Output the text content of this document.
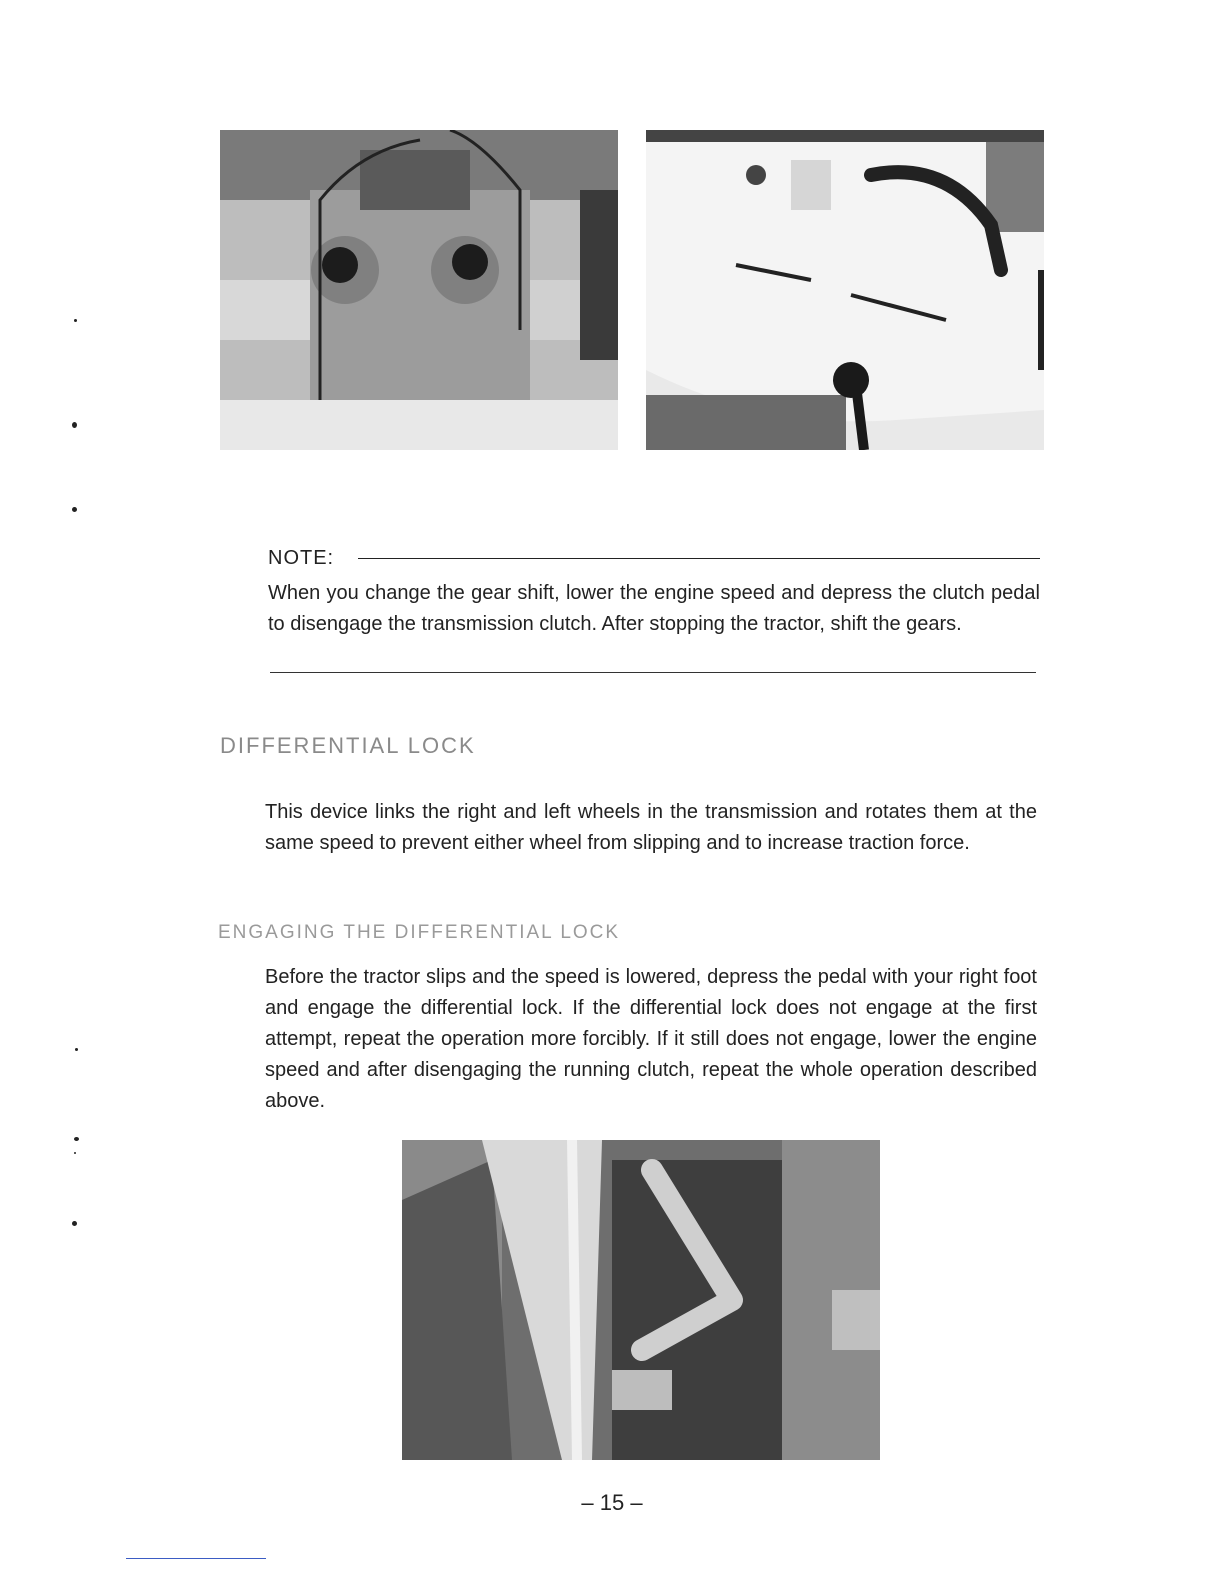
NOTE:
When you change the gear shift, lower the engine speed and depress the clutch pedal to disengage the transmission clutch. After stopping the tractor, shift the gears.
DIFFERENTIAL LOCK
This device links the right and left wheels in the transmission and rotates them at the same speed to prevent either wheel from slipping and to increase traction force.
ENGAGING THE DIFFERENTIAL LOCK
Before the tractor slips and the speed is lowered, depress the pedal with your right foot and engage the differential lock. If the differential lock does not engage at the first attempt, repeat the operation more forcibly. If it still does not engage, lower the engine speed and after disengaging the running clutch, repeat the whole operation described above.
– 15 –
